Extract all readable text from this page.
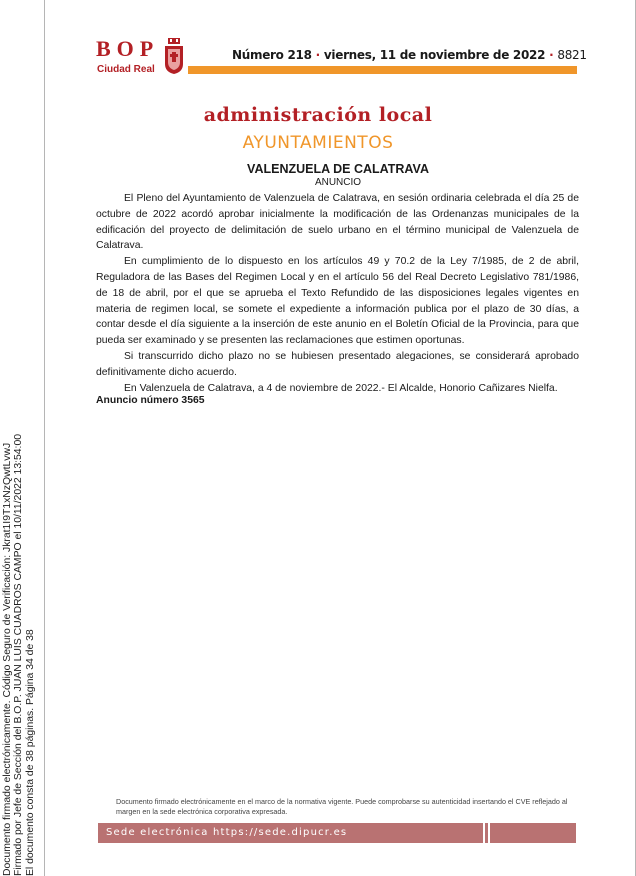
BOP
Ciudad Real
Número 218 · viernes, 11 de noviembre de 2022 · 8821
administración local
AYUNTAMIENTOS
VALENZUELA DE CALATRAVA
ANUNCIO

El Pleno del Ayuntamiento de Valenzuela de Calatrava, en sesión ordinaria celebrada el día 25 de octubre de 2022 acordó aprobar inicialmente la modificación de las Ordenanzas municipales de la edificación del proyecto de delimitación de suelo urbano en el término municipal de Valenzuela de Calatrava.

En cumplimiento de lo dispuesto en los artículos 49 y 70.2 de la Ley 7/1985, de 2 de abril, Reguladora de las Bases del Regimen Local y en el artículo 56 del Real Decreto Legislativo 781/1986, de 18 de abril, por el que se aprueba el Texto Refundido de las disposiciones legales vigentes en materia de regimen local, se somete el expediente a información publica por el plazo de 30 días, a contar desde el día siguiente a la inserción de este anunio en el Boletín Oficial de la Provincia, para que pueda ser examinado y se presenten las reclamaciones que estimen oportunas.

Si transcurrido dicho plazo no se hubiesen presentado alegaciones, se considerará aprobado definitivamente dicho acuerdo.

En Valenzuela de Calatrava, a 4 de noviembre de 2022.- El Alcalde, Honorio Cañizares Nielfa.

Anuncio número 3565
Documento firmado electrónicamente. Código Seguro de Verificación: Jkrat1I9T1xNzQwtLvwJ Firmado por Jefe de Sección del B.O.P. JUAN LUIS CUADROS CAMPO el 10/11/2022 13:54:00 El documento consta de 38 páginas. Página 34 de 38	Documento firmado electrónicamente en el marco de la normativa vigente. Puede comprobarse su autenticidad insertando el CVE reflejado al margen en la sede electrónica corporativa expresada.
Sede electrónica https://sede.dipucr.es
